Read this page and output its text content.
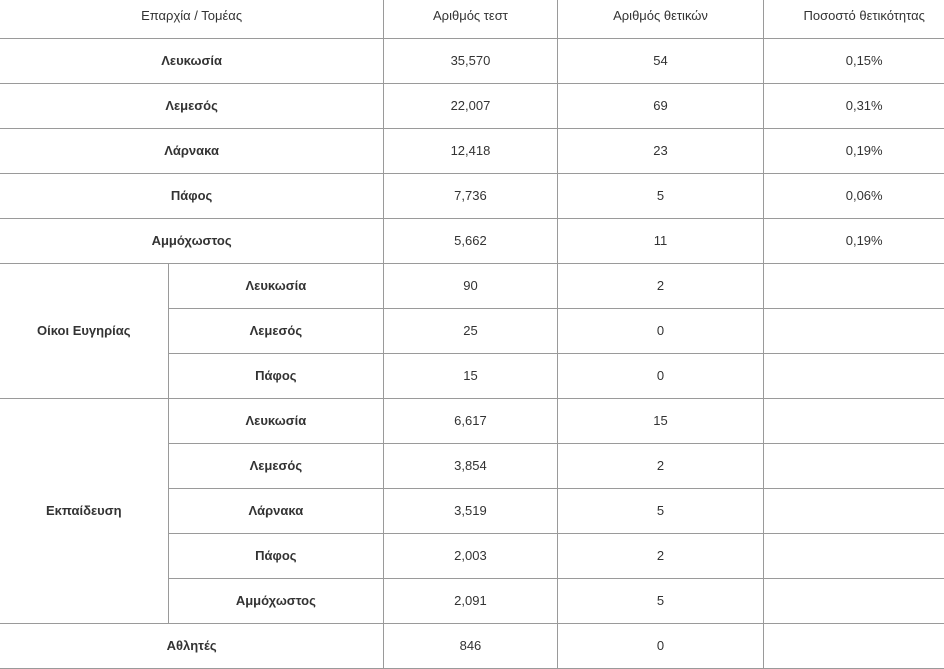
Επαρχία / Τομέας		Αριθμός τεστ	Αριθμός θετικών	Ποσοστό θετικότητας
Λευκωσία		35,570	54	0,15%
Λεμεσός		22,007	69	0,31%
Λάρνακα		12,418	23	0,19%
Πάφος		7,736	5	0,06%
Αμμόχωστος		5,662	11	0,19%
Οίκοι Ευγηρίας	Λευκωσία	90	2	
	Λεμεσός	25	0	
	Πάφος	15	0	
Εκπαίδευση	Λευκωσία	6,617	15	
	Λεμεσός	3,854	2	
	Λάρνακα	3,519	5	
	Πάφος	2,003	2	
	Αμμόχωστος	2,091	5	
Αθλητές		846	0	
